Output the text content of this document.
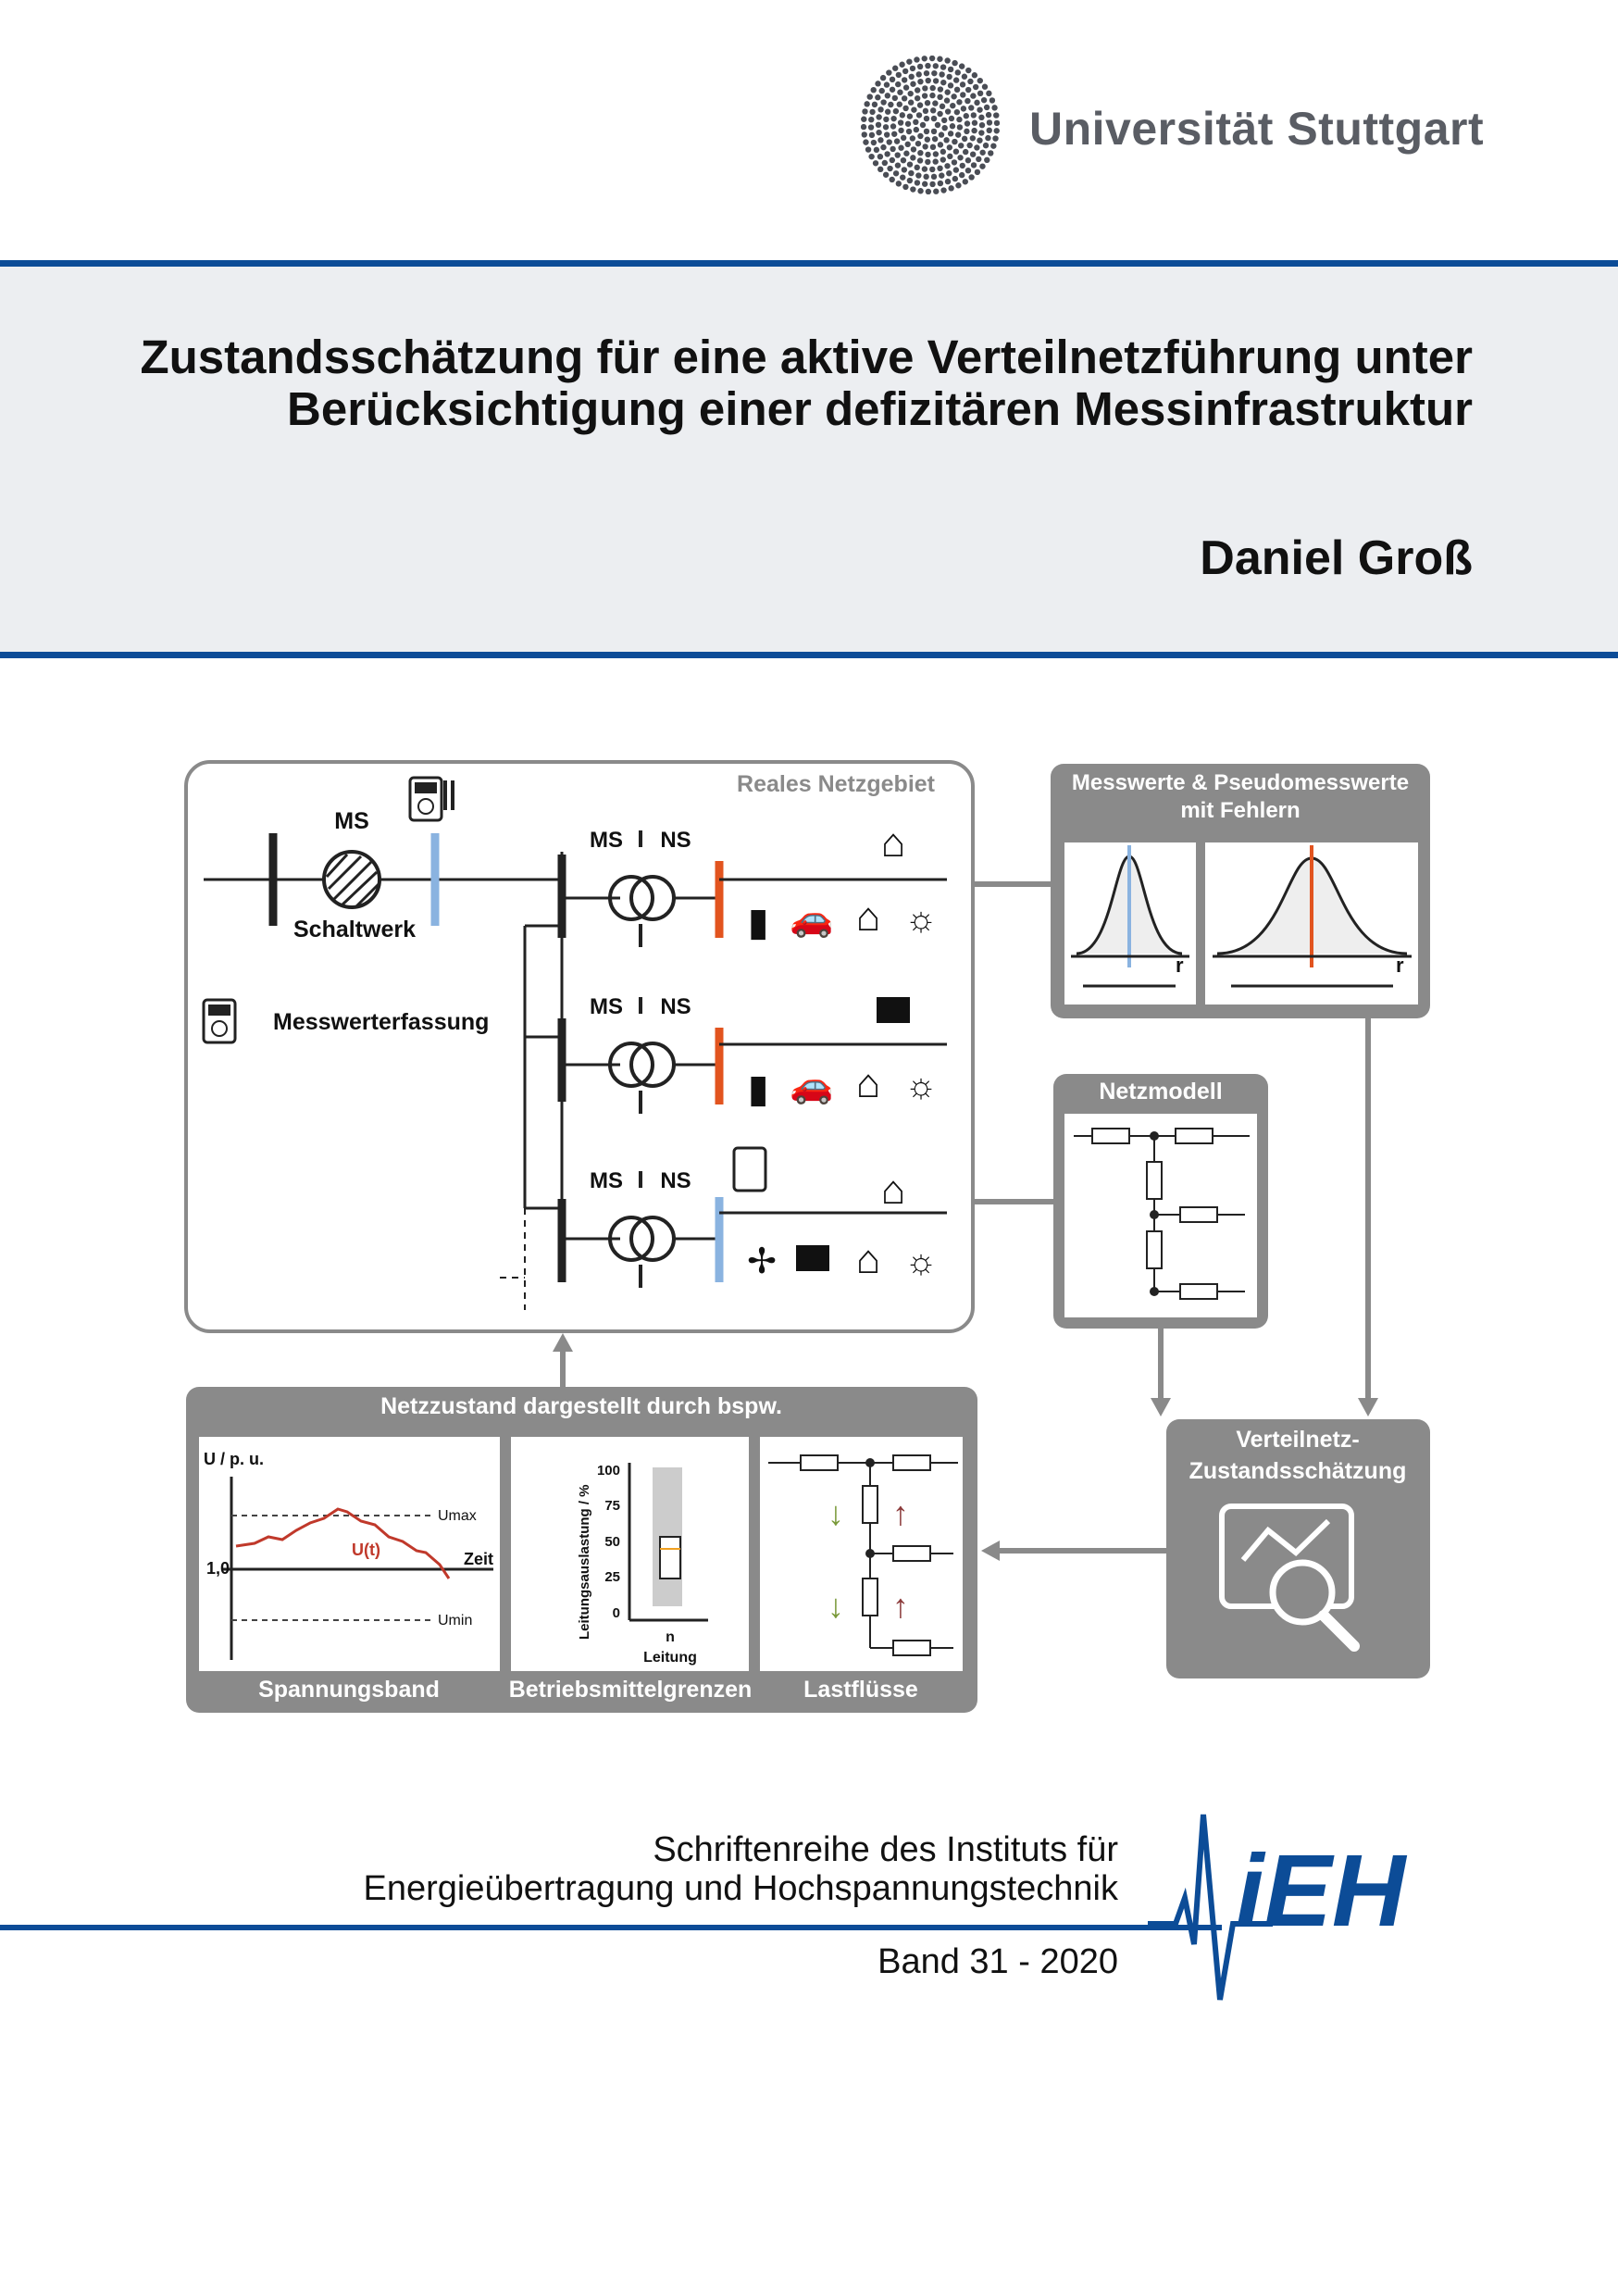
Universität Stuttgart
Zustandsschätzung für eine aktive Verteilnetzführung unter
Berücksichtigung einer defizitären Messinfrastruktur
Daniel Groß
Reales Netzgebiet
MS
Schaltwerk
MS NS
▮ 🚗 ⌂ ☼
⌂
MS NS
▮ 🚗 ⌂ ☼
MS NS
✢ ⌂ ☼
⌂
Messwerterfassung
Messwerte & Pseudomesswerte
mit Fehlern
r	r
Netzmodell
Verteilnetz-
Zustandsschätzung
Netzzustand dargestellt durch bspw.
U / p. u.
Umax
Umin
1,0	Zeit
U(t)	Leitungsauslastung / %
100
75
50
25
0
n
Leitung
↓ ↑
↓ ↑
Spannungsband	Betriebsmittelgrenzen Lastflüsse
Schriftenreihe des Instituts für
Energieübertragung und Hochspannungstechnik
Band 31 - 2020
iEH
